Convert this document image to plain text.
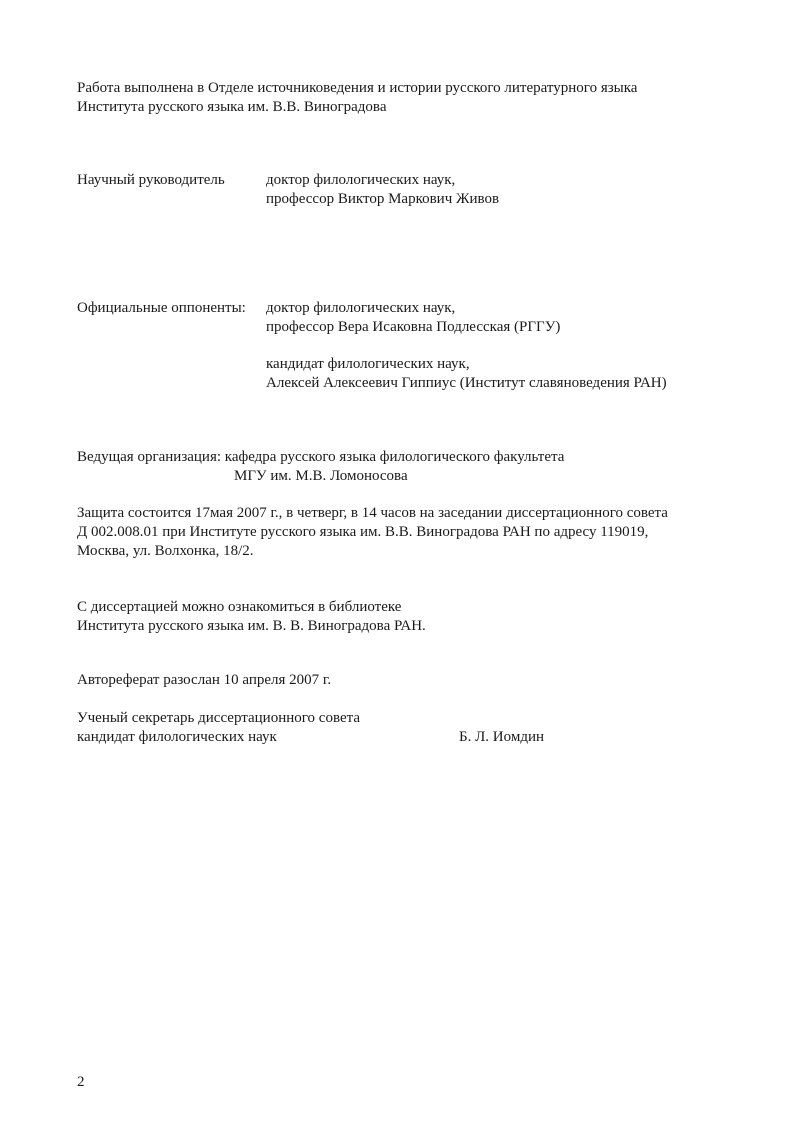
Работа выполнена в Отделе источниковедения и истории русского литературного языка
Института русского языка им. В.В. Виноградова
Научный руководитель	доктор филологических наук,
профессор Виктор Маркович Живов
Официальные оппоненты: доктор филологических наук,
профессор Вера Исаковна Подлесская (РГГУ)
кандидат филологических наук,
Алексей Алексеевич Гиппиус (Институт славяноведения РАН)
Ведущая организация: кафедра русского языка филологического факультета
МГУ им. М.В. Ломоносова
Защита состоится 17мая 2007 г., в четверг, в 14 часов на заседании диссертационного совета
Д 002.008.01 при Институте русского языка им. В.В. Виноградова РАН по адресу 119019,
Москва, ул. Волхонка, 18/2.
С диссертацией можно ознакомиться в библиотеке
Института русского языка им. В. В. Виноградова РАН.
Автореферат разослан 10 апреля 2007 г.
Ученый секретарь диссертационного совета
кандидат филологических наук	Б. Л. Иомдин
2
